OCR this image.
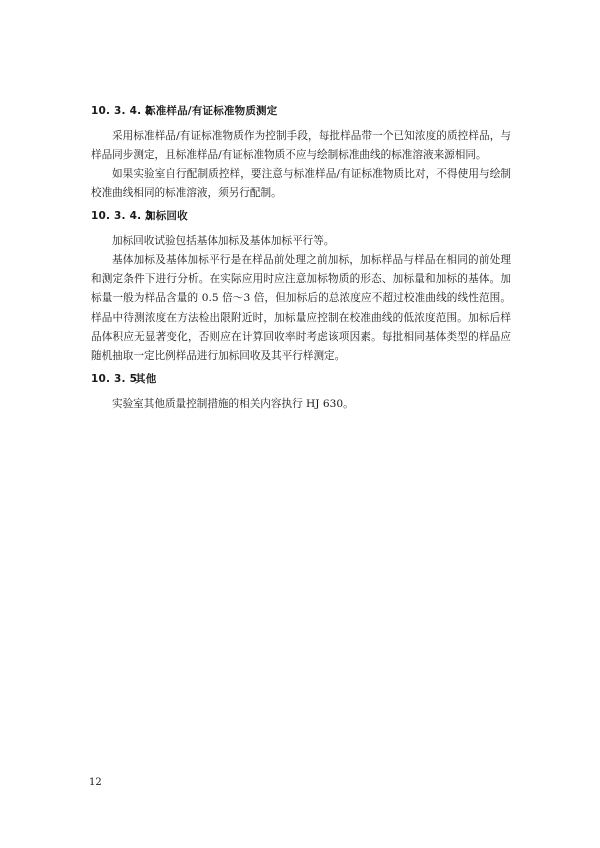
10. 3. 4. 2标准样品/有证标准物质测定

采用标准样品/有证标准物质作为控制手段，每批样品带一个已知浓度的质控样品，与样品同步测定，且标准样品/有证标准物质不应与绘制标准曲线的标准溶液来源相同。

如果实验室自行配制质控样，要注意与标准样品/有证标准物质比对，不得使用与绘制校准曲线相同的标准溶液，须另行配制。

10. 3. 4. 3加标回收

加标回收试验包括基体加标及基体加标平行等。

基体加标及基体加标平行是在样品前处理之前加标，加标样品与样品在相同的前处理和测定条件下进行分析。在实际应用时应注意加标物质的形态、加标量和加标的基体。加标量一般为样品含量的 0.5 倍～3 倍，但加标后的总浓度应不超过校准曲线的线性范围。样品中待测浓度在方法检出限附近时，加标量应控制在校准曲线的低浓度范围。加标后样品体积应无显著变化，否则应在计算回收率时考虑该项因素。每批相同基体类型的样品应随机抽取一定比例样品进行加标回收及其平行样测定。

10. 3. 5其他

实验室其他质量控制措施的相关内容执行 HJ 630。

12
